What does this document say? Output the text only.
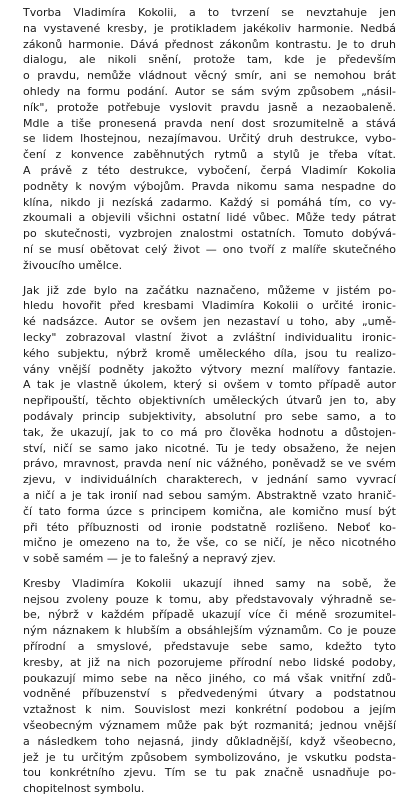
Tvorba Vladimíra Kokolii, a to tvrzení se nevztahuje jen
na vystavené kresby, je protikladem jakékoliv harmonie. Nedbá
zákonů harmonie. Dává přednost zákonům kontrastu. Je to druh
dialogu, ale nikoli snění, protože tam, kde je především
o pravdu, nemůže vládnout věcný smír, ani se nemohou brát
ohledy na formu podání. Autor se sám svým způsobem „násil-
ník", protože potřebuje vyslovit pravdu jasně a nezaobaleně.
Mdle a tiše pronesená pravda není dost srozumitelně a stává
se lidem lhostejnou, nezajímavou. Určitý druh destrukce, vybo-
čení z konvence zaběhnutých rytmů a stylů je třeba vítat.
A právě z této destrukce, vybočení, čerpá Vladimír Kokolia
podněty k novým výbojům. Pravda nikomu sama nespadne do
klína, nikdo ji nezíská zadarmo. Každý si pomáhá tím, co vy-
zkoumali a objevili všichni ostatní lidé vůbec. Může tedy pátrat
po skutečnosti, vyzbrojen znalostmi ostatních. Tomuto dobývá-
ní se musí obětovat celý život — ono tvoří z malíře skutečného
živoucího umělce.
Jak již zde bylo na začátku naznačeno, můžeme v jistém po-
hledu hovořit před kresbami Vladimíra Kokolii o určité ironic-
ké nadsázce. Autor se ovšem jen nezastaví u toho, aby „umě-
lecky" zobrazoval vlastní život a zvláštní individualitu ironic-
kého subjektu, nýbrž kromě uměleckého díla, jsou tu realizo-
vány vnější podněty jakožto výtvory mezní malířovy fantazie.
A tak je vlastně úkolem, který si ovšem v tomto případě autor
nepřipouští, těchto objektivních uměleckých útvarů jen to, aby
podávaly princip subjektivity, absolutní pro sebe samo, a to
tak, že ukazují, jak to co má pro člověka hodnotu a důstojen-
ství, ničí se samo jako nicotné. Tu je tedy obsaženo, že nejen
právo, mravnost, pravda není nic vážného, poněvadž se ve svém
zjevu, v individuálních charakterech, v jednání samo vyvrací
a ničí a je tak ironií nad sebou samým. Abstraktně vzato hranič-
čí tato forma úzce s principem komična, ale komično musí být
při této příbuznosti od ironie podstatně rozlišeno. Neboť ko-
mično je omezeno na to, že vše, co se ničí, je něco nicotného
v sobě samém — je to falešný a nepravý zjev.
Kresby Vladimíra Kokolii ukazují ihned samy na sobě, že
nejsou zvoleny pouze k tomu, aby představovaly výhradně se-
be, nýbrž v každém případě ukazují více či méně srozumitel-
ným náznakem k hlubším a obsáhlejším významům. Co je pouze
přírodní a smyslové, představuje sebe samo, kdežto tyto
kresby, at již na nich pozorujeme přírodní nebo lidské podoby,
poukazují mimo sebe na něco jiného, co má však vnitřní zdů-
vodněné příbuzenství s předvedenými útvary a podstatnou
vztažnost k nim. Souvislost mezi konkrétní podobou a jejím
všeobecným významem může pak být rozmanitá; jednou vnější
a následkem toho nejasná, jindy důkladnější, když všeobecno,
jež je tu určitým způsobem symbolizováno, je vskutku podsta-
tou konkrétního zjevu. Tím se tu pak značně usnadňuje po-
chopitelnost symbolu.
